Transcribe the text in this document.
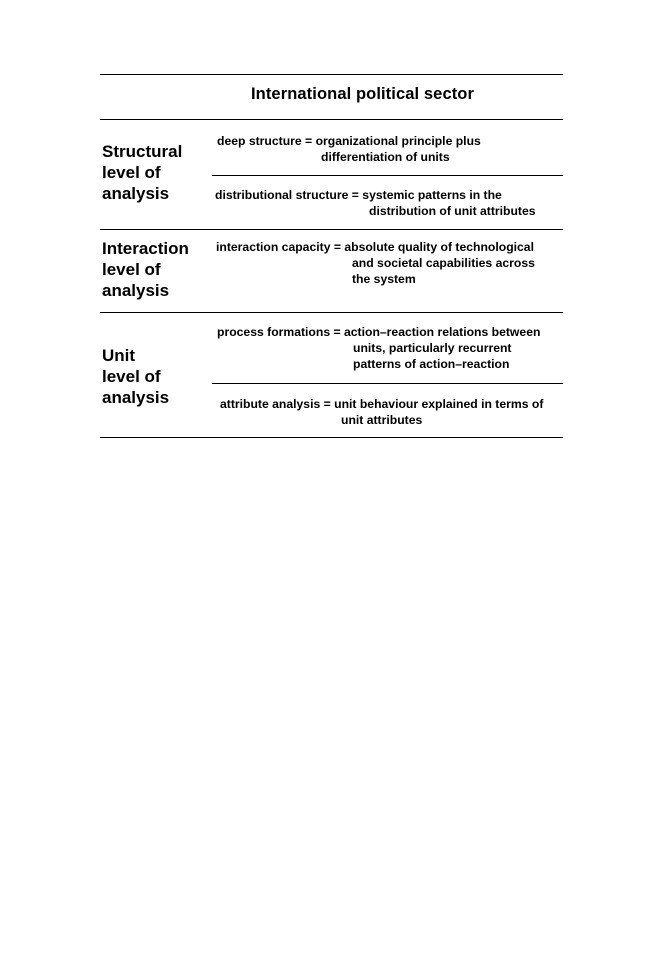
International political sector
Structural
level of
analysis
deep structure = organizational principle plus
differentiation of units
distributional structure = systemic patterns in the
distribution of unit attributes
Interaction
level of
analysis
interaction capacity = absolute quality of technological
and societal capabilities across
the system
Unit
level of
analysis
process formations = action–reaction relations between
units, particularly recurrent
patterns of action–reaction
attribute analysis = unit behaviour explained in terms of
unit attributes
